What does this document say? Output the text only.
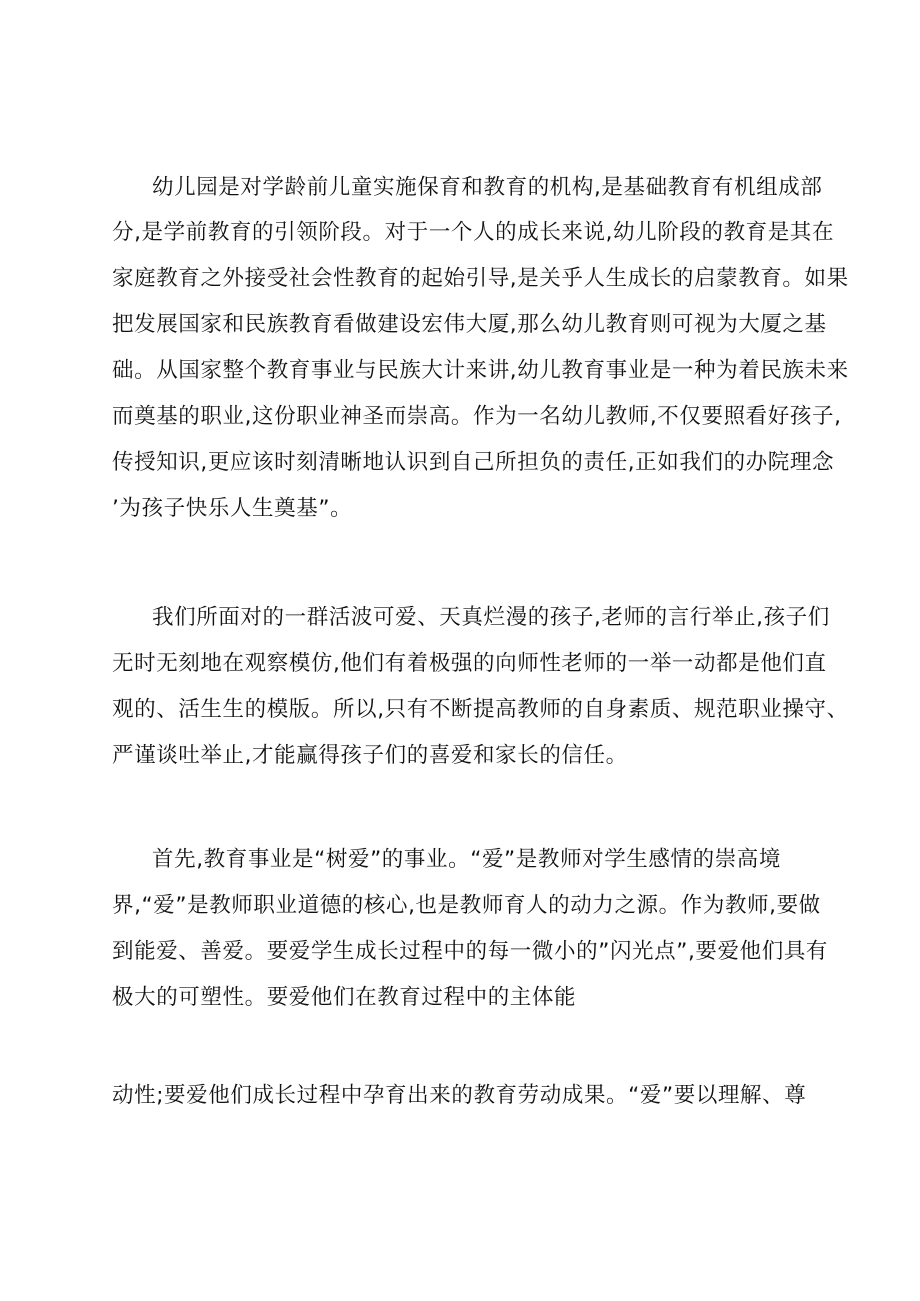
幼儿园是对学龄前儿童实施保育和教育的机构,是基础教育有机组成部
分,是学前教育的引领阶段。对于一个人的成长来说,幼儿阶段的教育是其在
家庭教育之外接受社会性教育的起始引导,是关乎人生成长的启蒙教育。如果
把发展国家和民族教育看做建设宏伟大厦,那么幼儿教育则可视为大厦之基
础。从国家整个教育事业与民族大计来讲,幼儿教育事业是一种为着民族未来
而奠基的职业,这份职业神圣而崇高。作为一名幼儿教师,不仅要照看好孩子,
传授知识,更应该时刻清晰地认识到自己所担负的责任,正如我们的办院理念
’为孩子快乐人生奠基”。
我们所面对的一群活波可爱、天真烂漫的孩子,老师的言行举止,孩子们
无时无刻地在观察模仿,他们有着极强的向师性老师的一举一动都是他们直
观的、活生生的模版。所以,只有不断提高教师的自身素质、规范职业操守、
严谨谈吐举止,才能赢得孩子们的喜爱和家长的信任。
首先,教育事业是“树爱”的事业。“爱”是教师对学生感情的崇高境
界,“爱”是教师职业道德的核心,也是教师育人的动力之源。作为教师,要做
到能爱、善爱。要爱学生成长过程中的每一微小的”闪光点”,要爱他们具有
极大的可塑性。要爱他们在教育过程中的主体能
动性;要爱他们成长过程中孕育出来的教育劳动成果。“爱”要以理解、尊
